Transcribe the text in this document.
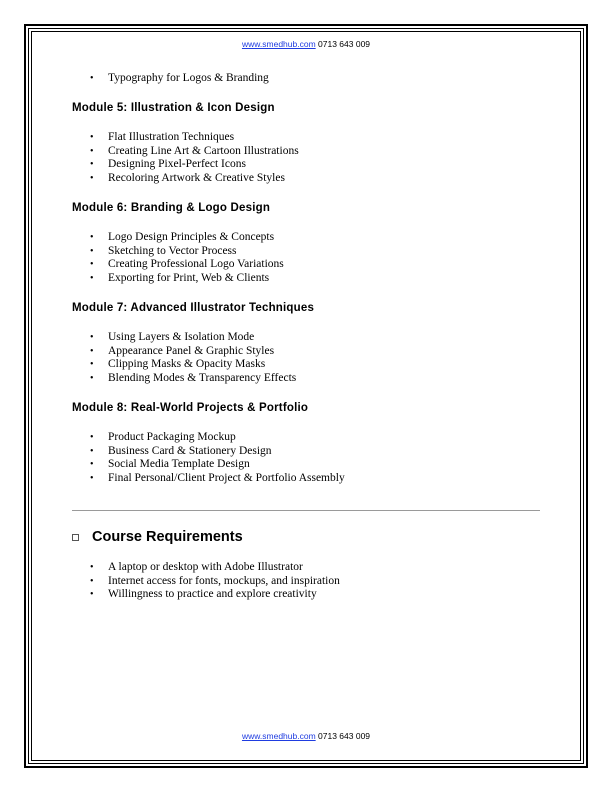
www.smedhub.com 0713 643 009
• Typography for Logos & Branding
Module 5: Illustration & Icon Design
• Flat Illustration Techniques
• Creating Line Art & Cartoon Illustrations
• Designing Pixel-Perfect Icons
• Recoloring Artwork & Creative Styles
Module 6: Branding & Logo Design
• Logo Design Principles & Concepts
• Sketching to Vector Process
• Creating Professional Logo Variations
• Exporting for Print, Web & Clients
Module 7: Advanced Illustrator Techniques
• Using Layers & Isolation Mode
• Appearance Panel & Graphic Styles
• Clipping Masks & Opacity Masks
• Blending Modes & Transparency Effects
Module 8: Real-World Projects & Portfolio
• Product Packaging Mockup
• Business Card & Stationery Design
• Social Media Template Design
• Final Personal/Client Project & Portfolio Assembly
Course Requirements
• A laptop or desktop with Adobe Illustrator
• Internet access for fonts, mockups, and inspiration
• Willingness to practice and explore creativity
www.smedhub.com 0713 643 009
